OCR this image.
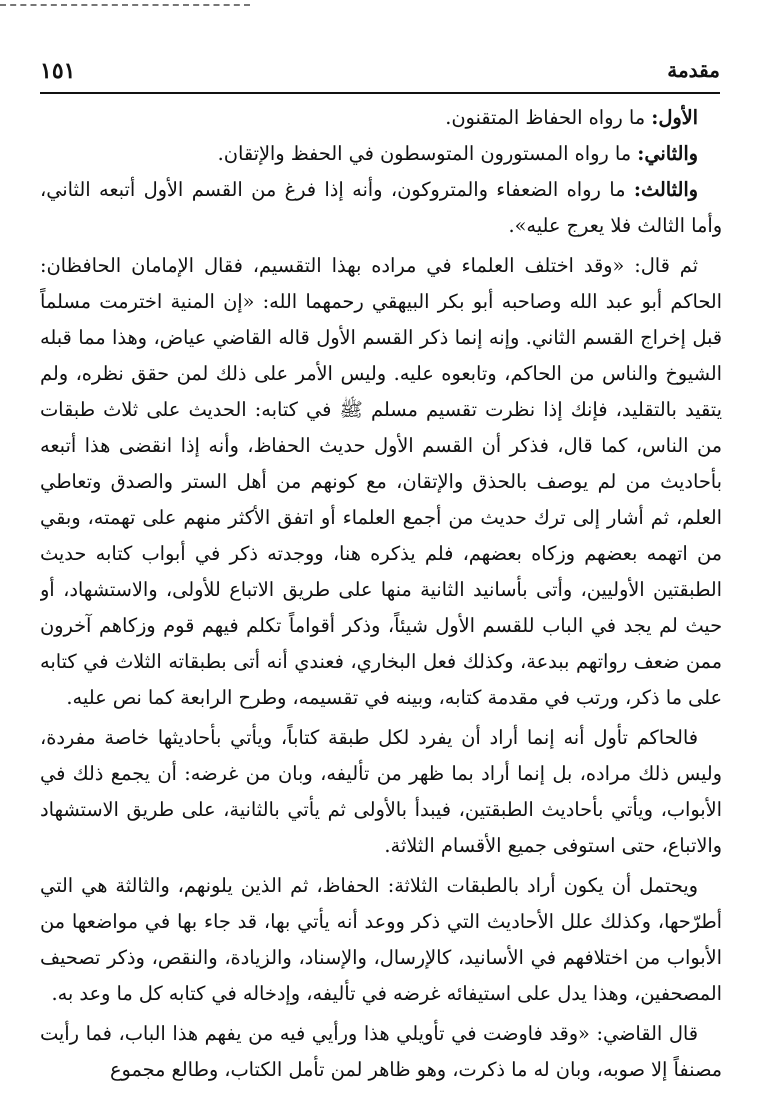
١٥١	مقدمة

الأول: ما رواه الحفاظ المتقنون.

والثاني: ما رواه المستورون المتوسطون في الحفظ والإتقان.

والثالث: ما رواه الضعفاء والمتروكون، وأنه إذا فرغ من القسم الأول أتبعه الثاني، وأما الثالث فلا يعرج عليه».

ثم قال: «وقد اختلف العلماء في مراده بهذا التقسيم، فقال الإمامان الحافظان: الحاكم أبو عبد الله وصاحبه أبو بكر البيهقي رحمهما الله: «إن المنية اخترمت مسلماً قبل إخراج القسم الثاني. وإنه إنما ذكر القسم الأول قاله القاضي عياض، وهذا مما قبله الشيوخ والناس من الحاكم، وتابعوه عليه. وليس الأمر على ذلك لمن حقق نظره، ولم يتقيد بالتقليد، فإنك إذا نظرت تقسيم مسلم ﷺ في كتابه: الحديث على ثلاث طبقات من الناس، كما قال، فذكر أن القسم الأول حديث الحفاظ، وأنه إذا انقضى هذا أتبعه بأحاديث من لم يوصف بالحذق والإتقان، مع كونهم من أهل الستر والصدق وتعاطي العلم، ثم أشار إلى ترك حديث من أجمع العلماء أو اتفق الأكثر منهم على تهمته، وبقي من اتهمه بعضهم وزكاه بعضهم، فلم يذكره هنا، ووجدته ذكر في أبواب كتابه حديث الطبقتين الأوليين، وأتى بأسانيد الثانية منها على طريق الاتباع للأولى، والاستشهاد، أو حيث لم يجد في الباب للقسم الأول شيئاً، وذكر أقواماً تكلم فيهم قوم وزكاهم آخرون ممن ضعف رواتهم ببدعة، وكذلك فعل البخاري، فعندي أنه أتى بطبقاته الثلاث في كتابه على ما ذكر، ورتب في مقدمة كتابه، وبينه في تقسيمه، وطرح الرابعة كما نص عليه.

فالحاكم تأول أنه إنما أراد أن يفرد لكل طبقة كتاباً، ويأتي بأحاديثها خاصة مفردة، وليس ذلك مراده، بل إنما أراد بما ظهر من تأليفه، وبان من غرضه: أن يجمع ذلك في الأبواب، ويأتي بأحاديث الطبقتين، فيبدأ بالأولى ثم يأتي بالثانية، على طريق الاستشهاد والاتباع، حتى استوفى جميع الأقسام الثلاثة.

ويحتمل أن يكون أراد بالطبقات الثلاثة: الحفاظ، ثم الذين يلونهم، والثالثة هي التي أطرّحها، وكذلك علل الأحاديث التي ذكر ووعد أنه يأتي بها، قد جاء بها في مواضعها من الأبواب من اختلافهم في الأسانيد، كالإرسال، والإسناد، والزيادة، والنقص، وذكر تصحيف المصحفين، وهذا يدل على استيفائه غرضه في تأليفه، وإدخاله في كتابه كل ما وعد به.

قال القاضي: «وقد فاوضت في تأويلي هذا ورأيي فيه من يفهم هذا الباب، فما رأيت مصنفاً إلا صوبه، وبان له ما ذكرت، وهو ظاهر لمن تأمل الكتاب، وطالع مجموع
